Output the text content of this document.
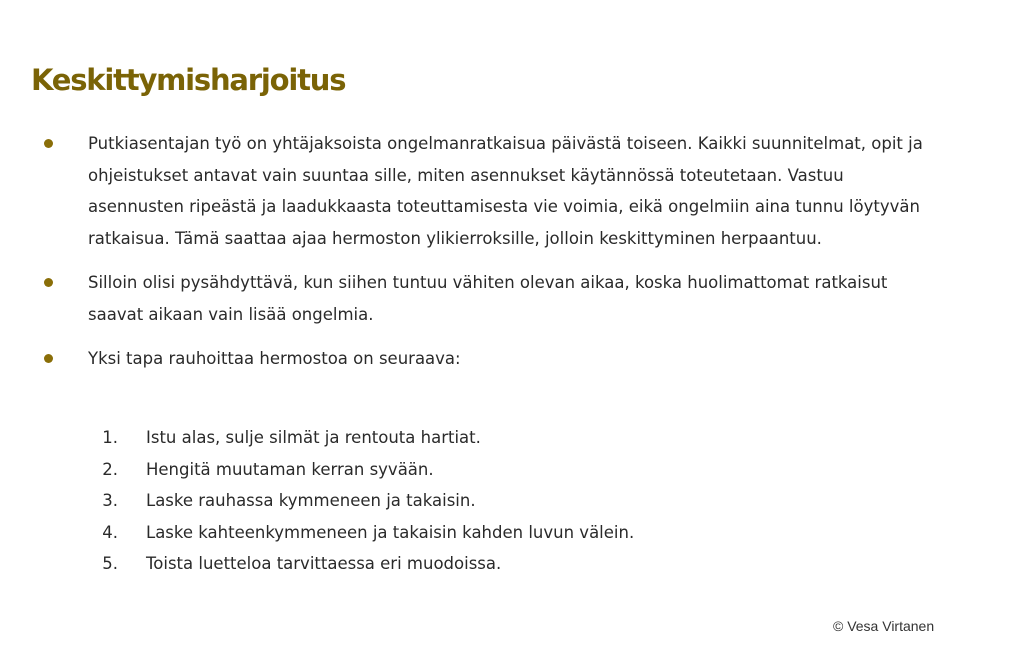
Keskittymisharjoitus
Putkiasentajan työ on yhtäjaksoista ongelmanratkaisua päivästä toiseen. Kaikki suunnitelmat, opit ja ohjeistukset antavat vain suuntaa sille, miten asennukset käytännössä toteutetaan. Vastuu asennusten ripeästä ja laadukkaasta toteuttamisesta vie voimia, eikä ongelmiin aina tunnu löytyvän ratkaisua. Tämä saattaa ajaa hermoston ylikierroksille, jolloin keskittyminen herpaantuu.
Silloin olisi pysähdyttävä, kun siihen tuntuu vähiten olevan aikaa, koska huolimattomat ratkaisut saavat aikaan vain lisää ongelmia.
Yksi tapa rauhoittaa hermostoa on seuraava:
1. Istu alas, sulje silmät ja rentouta hartiat.
2. Hengitä muutaman kerran syvään.
3. Laske rauhassa kymmeneen ja takaisin.
4. Laske kahteenkymmeneen ja takaisin kahden luvun välein.
5. Toista luetteloa tarvittaessa eri muodoissa.
© Vesa Virtanen
